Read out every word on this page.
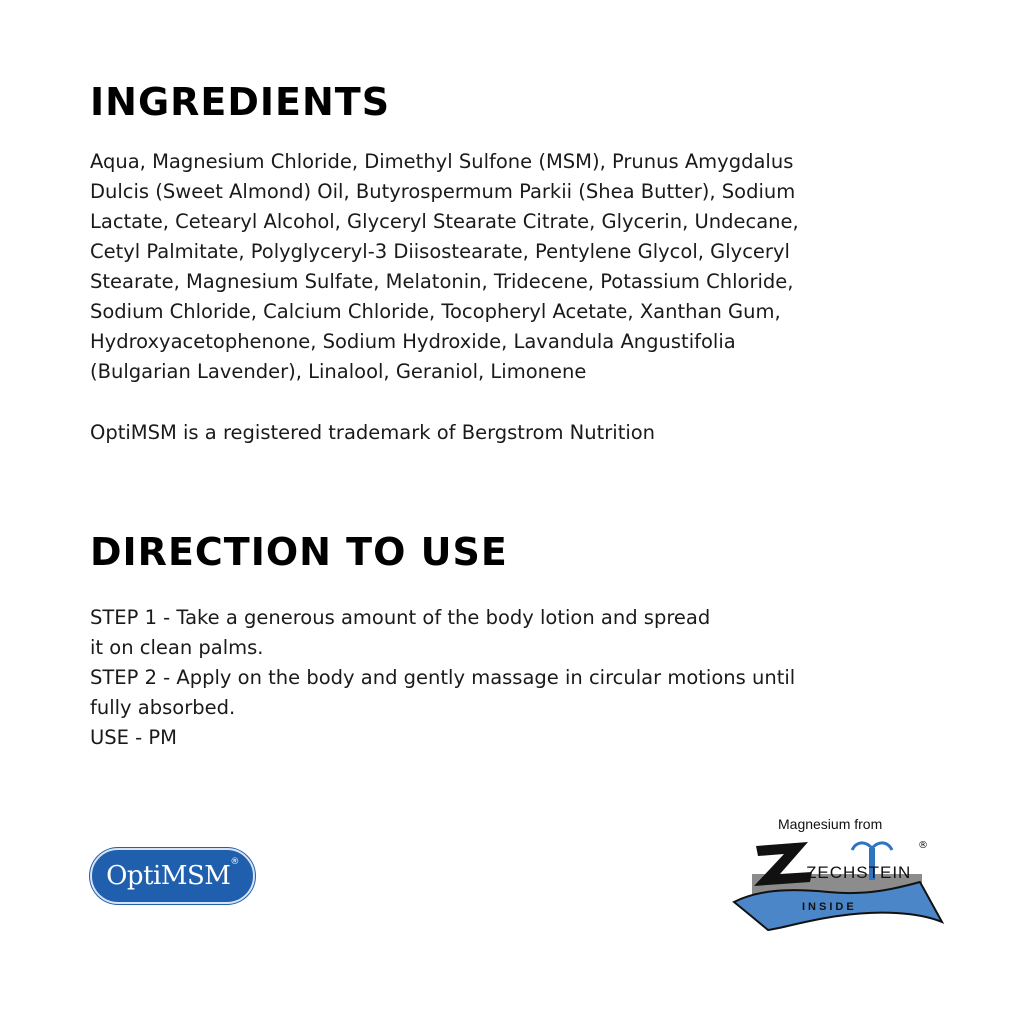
INGREDIENTS

Aqua, Magnesium Chloride, Dimethyl Sulfone (MSM), Prunus Amygdalus
Dulcis (Sweet Almond) Oil, Butyrospermum Parkii (Shea Butter), Sodium
Lactate, Cetearyl Alcohol, Glyceryl Stearate Citrate, Glycerin, Undecane,
Cetyl Palmitate, Polyglyceryl-3 Diisostearate, Pentylene Glycol, Glyceryl
Stearate, Magnesium Sulfate, Melatonin, Tridecene, Potassium Chloride,
Sodium Chloride, Calcium Chloride, Tocopheryl Acetate, Xanthan Gum,
Hydroxyacetophenone, Sodium Hydroxide, Lavandula Angustifolia
(Bulgarian Lavender), Linalool, Geraniol, Limonene

OptiMSM is a registered trademark of Bergstrom Nutrition

DIRECTION TO USE

STEP 1 - Take a generous amount of the body lotion and spread
it on clean palms.
STEP 2 - Apply on the body and gently massage in circular motions until
fully absorbed.
USE - PM

OptiMSM®
ZECHSTEIN
INSIDE
®
Magnesium from
